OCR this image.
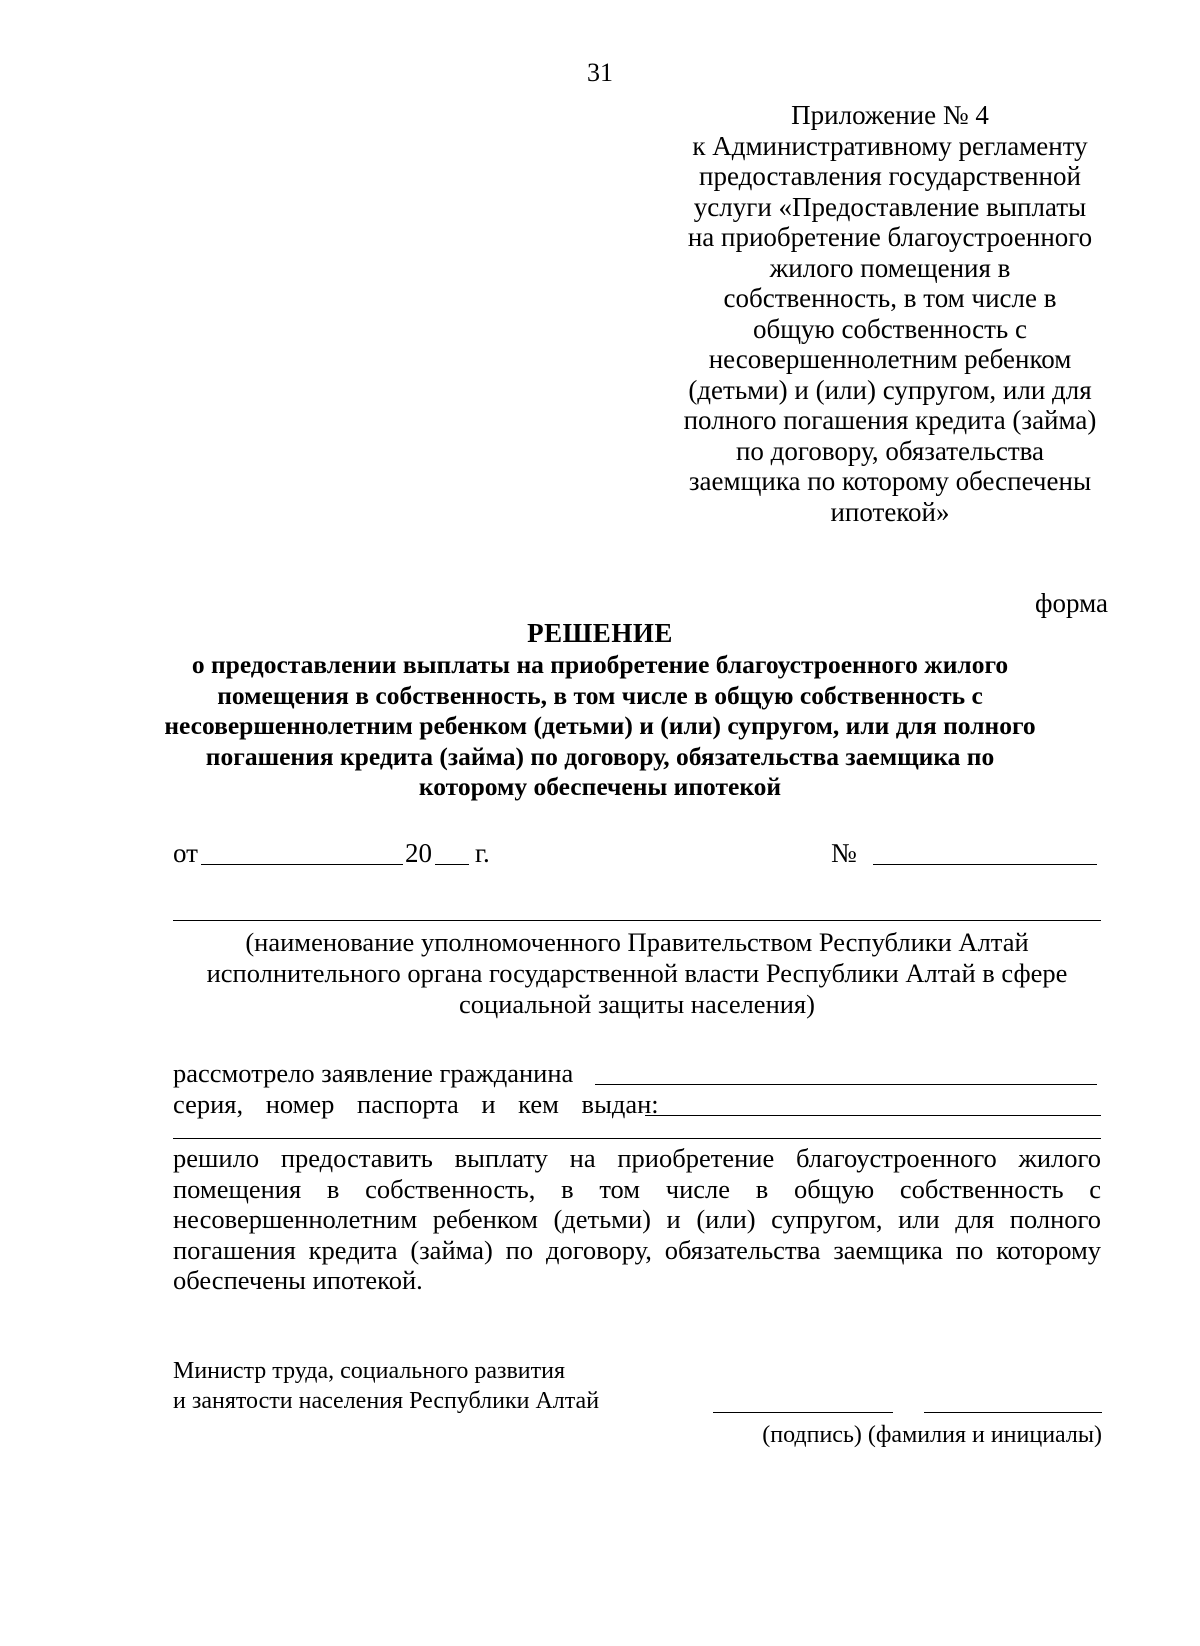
31
Приложение № 4
к Административному регламенту
предоставления государственной
услуги «Предоставление выплаты
на приобретение благоустроенного
жилого помещения в
собственность, в том числе в
общую собственность с
несовершеннолетним ребенком
(детьми) и (или) супругом, или для
полного погашения кредита (займа)
по договору, обязательства
заемщика по которому обеспечены
ипотекой»
форма
РЕШЕНИЕ
о предоставлении выплаты на приобретение благоустроенного жилого
помещения в собственность, в том числе в общую собственность с
несовершеннолетним ребенком (детьми) и (или) супругом, или для полного
погашения кредита (займа) по договору, обязательства заемщика по
которому обеспечены ипотекой
от	20 г.	№
(наименование уполномоченного Правительством Республики Алтай
исполнительного органа государственной власти Республики Алтай в сфере
социальной защиты населения)
рассмотрело заявление гражданина
серия, номер паспорта и кем выдан:
решило предоставить выплату на приобретение благоустроенного жилого помещения в собственность, в том числе в общую собственность с несовершеннолетним ребенком (детьми) и (или) супругом, или для полного погашения кредита (займа) по договору, обязательства заемщика по которому обеспечены ипотекой.
Министр труда, социального развития
и занятости населения Республики Алтай
(подпись) (фамилия и инициалы)
